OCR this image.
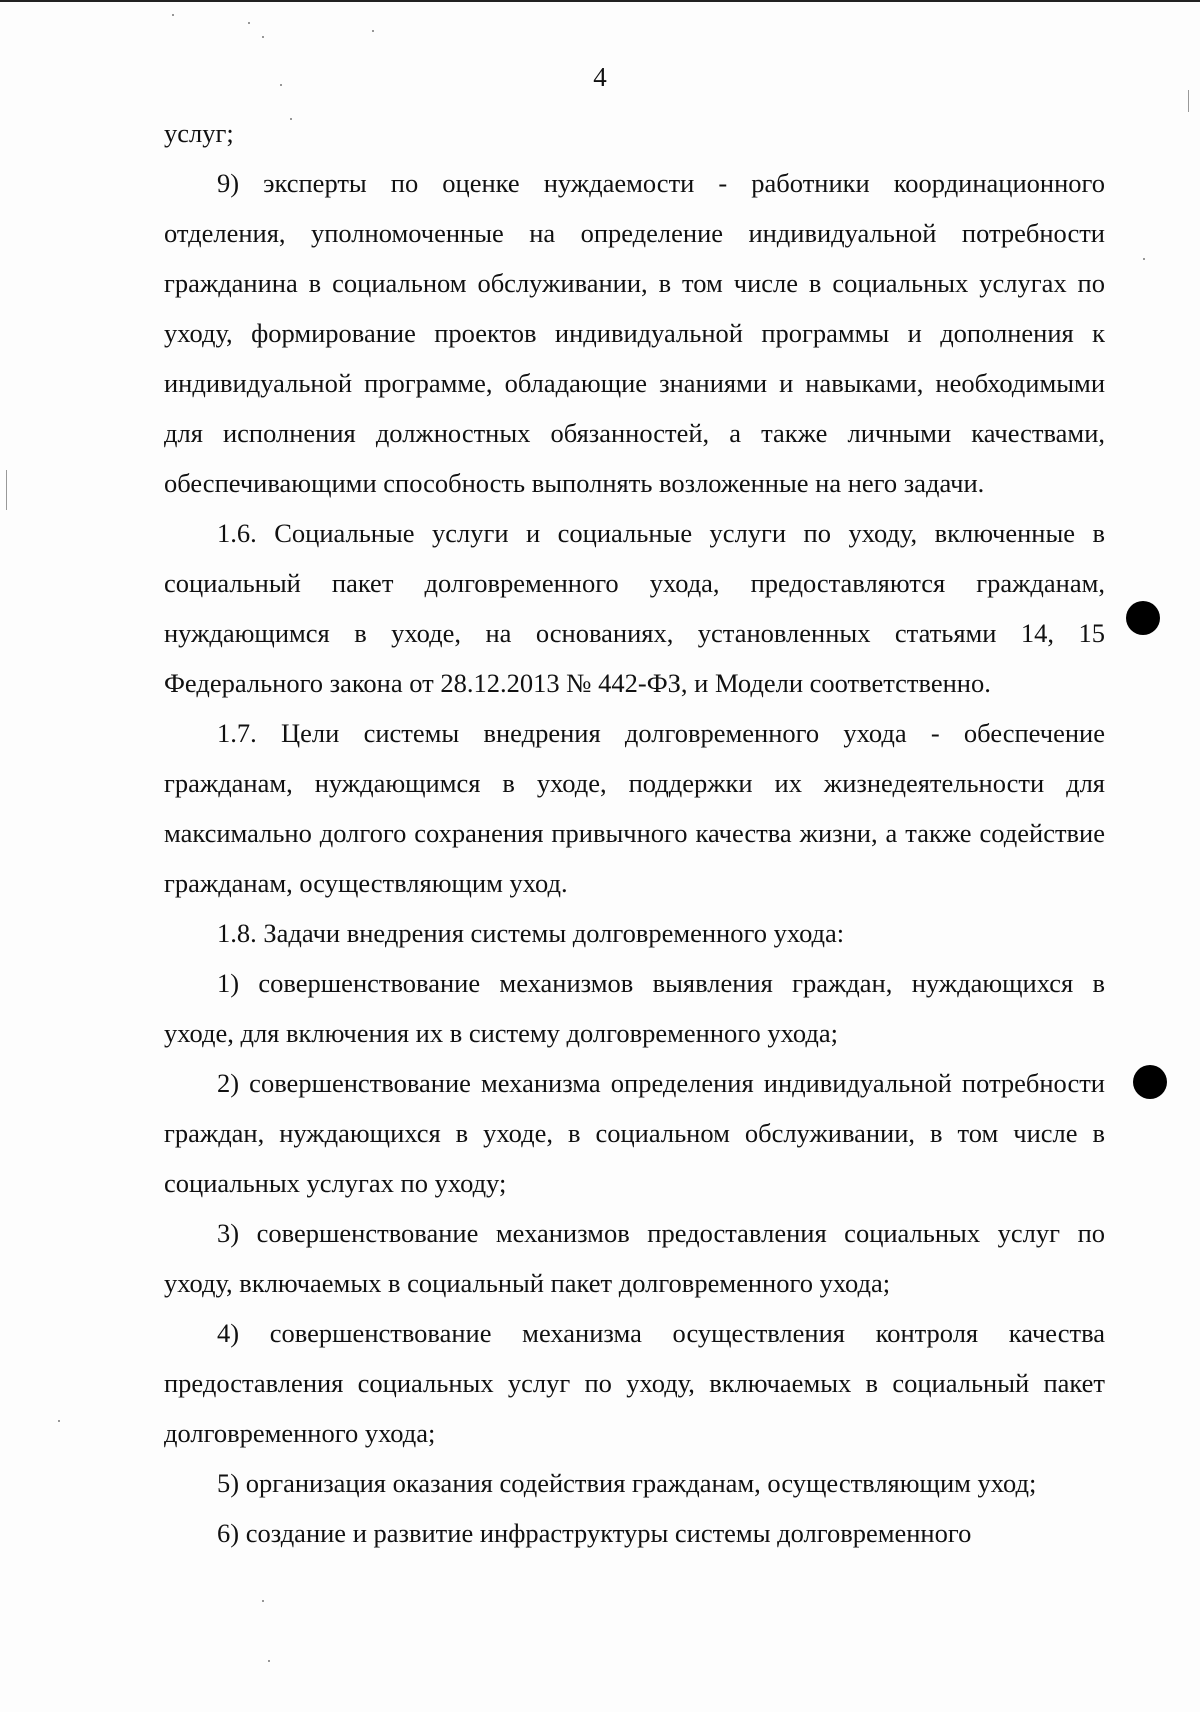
4

услуг;

9) эксперты по оценке нуждаемости - работники координационного отделения, уполномоченные на определение индивидуальной потребности гражданина в социальном обслуживании, в том числе в социальных услугах по уходу, формирование проектов индивидуальной программы и дополнения к индивидуальной программе, обладающие знаниями и навыками, необходимыми для исполнения должностных обязанностей, а также личными качествами, обеспечивающими способность выполнять возложенные на него задачи.

1.6. Социальные услуги и социальные услуги по уходу, включенные в социальный пакет долговременного ухода, предоставляются гражданам, нуждающимся в уходе, на основаниях, установленных статьями 14, 15 Федерального закона от 28.12.2013 № 442-ФЗ, и Модели соответственно.

1.7. Цели системы внедрения долговременного ухода - обеспечение гражданам, нуждающимся в уходе, поддержки их жизнедеятельности для максимально долгого сохранения привычного качества жизни, а также содействие гражданам, осуществляющим уход.

1.8. Задачи внедрения системы долговременного ухода:

1) совершенствование механизмов выявления граждан, нуждающихся в уходе, для включения их в систему долговременного ухода;

2) совершенствование механизма определения индивидуальной потребности граждан, нуждающихся в уходе, в социальном обслуживании, в том числе в социальных услугах по уходу;

3) совершенствование механизмов предоставления социальных услуг по уходу, включаемых в социальный пакет долговременного ухода;

4) совершенствование механизма осуществления контроля качества предоставления социальных услуг по уходу, включаемых в социальный пакет долговременного ухода;

5) организация оказания содействия гражданам, осуществляющим уход;

6) создание и развитие инфраструктуры системы долговременного
